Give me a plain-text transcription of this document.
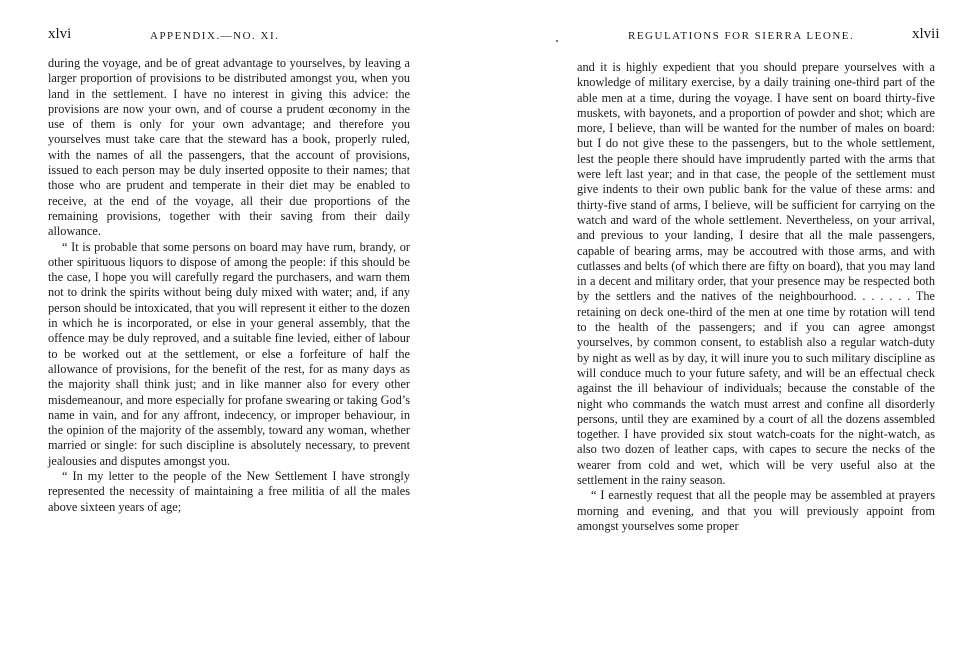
xlvi	APPENDIX.—NO. XI.

during the voyage, and be of great advantage to yourselves, by leaving a larger proportion of provisions to be distributed amongst you, when you land in the settlement. I have no interest in giving this advice: the provisions are now your own, and of course a prudent œconomy in the use of them is only for your own advantage; and therefore you yourselves must take care that the steward has a book, properly ruled, with the names of all the passengers, that the account of provisions, issued to each person may be duly inserted opposite to their names; that those who are prudent and temperate in their diet may be enabled to receive, at the end of the voyage, all their due proportions of the remaining provisions, together with their saving from their daily allowance.

“ It is probable that some persons on board may have rum, brandy, or other spirituous liquors to dispose of among the people: if this should be the case, I hope you will carefully regard the purchasers, and warn them not to drink the spirits without being duly mixed with water; and, if any person should be intoxicated, that you will represent it either to the dozen in which he is incorporated, or else in your general assembly, that the offence may be duly reproved, and a suitable fine levied, either of labour to be worked out at the settlement, or else a forfeiture of half the allowance of provisions, for the benefit of the rest, for as many days as the majority shall think just; and in like manner also for every other misdemeanour, and more especially for profane swearing or taking God’s name in vain, and for any affront, indecency, or improper behaviour, in the opinion of the majority of the assembly, toward any woman, whether married or single: for such discipline is absolutely necessary, to prevent jealousies and disputes amongst you.

“ In my letter to the people of the New Settlement I have strongly represented the necessity of maintaining a free militia of all the males above sixteen years of age;

REGULATIONS FOR SIERRA LEONE.	xlvii

and it is highly expedient that you should prepare yourselves with a knowledge of military exercise, by a daily training one-third part of the able men at a time, during the voyage. I have sent on board thirty-five muskets, with bayonets, and a proportion of powder and shot; which are more, I believe, than will be wanted for the number of males on board: but I do not give these to the passengers, but to the whole settlement, lest the people there should have imprudently parted with the arms that were left last year; and in that case, the people of the settlement must give indents to their own public bank for the value of these arms: and thirty-five stand of arms, I believe, will be sufficient for carrying on the watch and ward of the whole settlement. Nevertheless, on your arrival, and previous to your landing, I desire that all the male passengers, capable of bearing arms, may be accoutred with those arms, and with cutlasses and belts (of which there are fifty on board), that you may land in a decent and military order, that your presence may be respected both by the settlers and the natives of the neighbourhood. . . . . . . The retaining on deck one-third of the men at one time by rotation will tend to the health of the passengers; and if you can agree amongst yourselves, by common consent, to establish also a regular watch-duty by night as well as by day, it will inure you to such military discipline as will conduce much to your future safety, and will be an effectual check against the ill behaviour of individuals; because the constable of the night who commands the watch must arrest and confine all disorderly persons, until they are examined by a court of all the dozens assembled together. I have provided six stout watch-coats for the night-watch, as also two dozen of leather caps, with capes to secure the necks of the wearer from cold and wet, which will be very useful also at the settlement in the rainy season.

“ I earnestly request that all the people may be assembled at prayers morning and evening, and that you will previously appoint from amongst yourselves some proper
